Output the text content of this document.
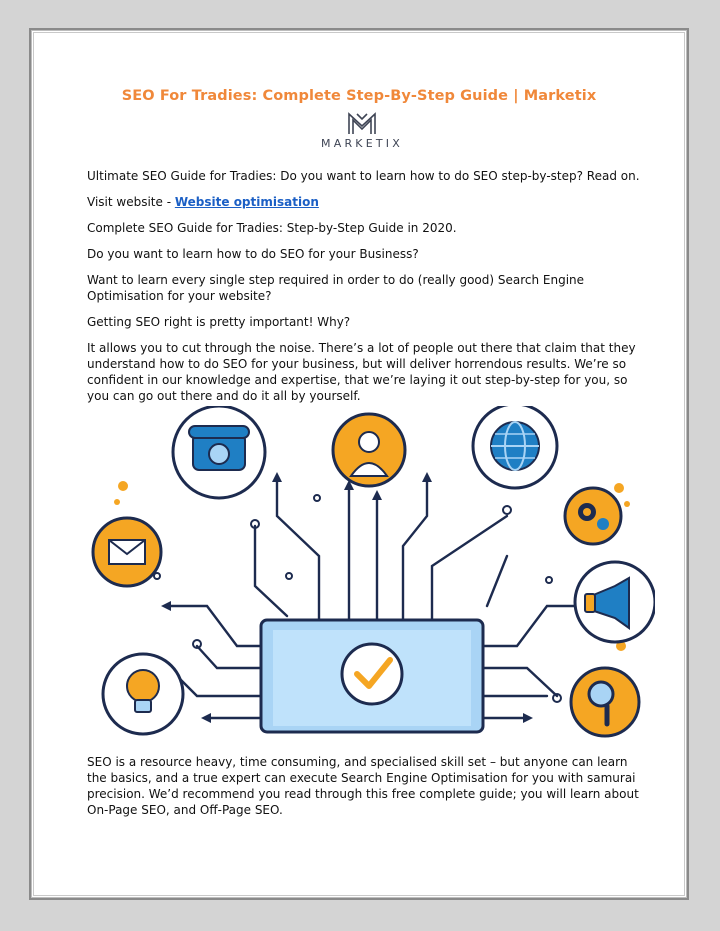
SEO For Tradies: Complete Step-By-Step Guide | Marketix
MARKETIX

Ultimate SEO Guide for Tradies: Do you want to learn how to do SEO step-by-step? Read on.

Visit website - Website optimisation

Complete SEO Guide for Tradies: Step-by-Step Guide in 2020.

Do you want to learn how to do SEO for your Business?

Want to learn every single step required in order to do (really good) Search Engine Optimisation for your website?

Getting SEO right is pretty important! Why?

It allows you to cut through the noise. There’s a lot of people out there that claim that they understand how to do SEO for your business, but will deliver horrendous results. We’re so confident in our knowledge and expertise, that we’re laying it out step-by-step for you, so you can go out there and do it all by yourself.

SEO is a resource heavy, time consuming, and specialised skill set – but anyone can learn the basics, and a true expert can execute Search Engine Optimisation for you with samurai precision. We’d recommend you read through this free complete guide; you will learn about On-Page SEO, and Off-Page SEO.
